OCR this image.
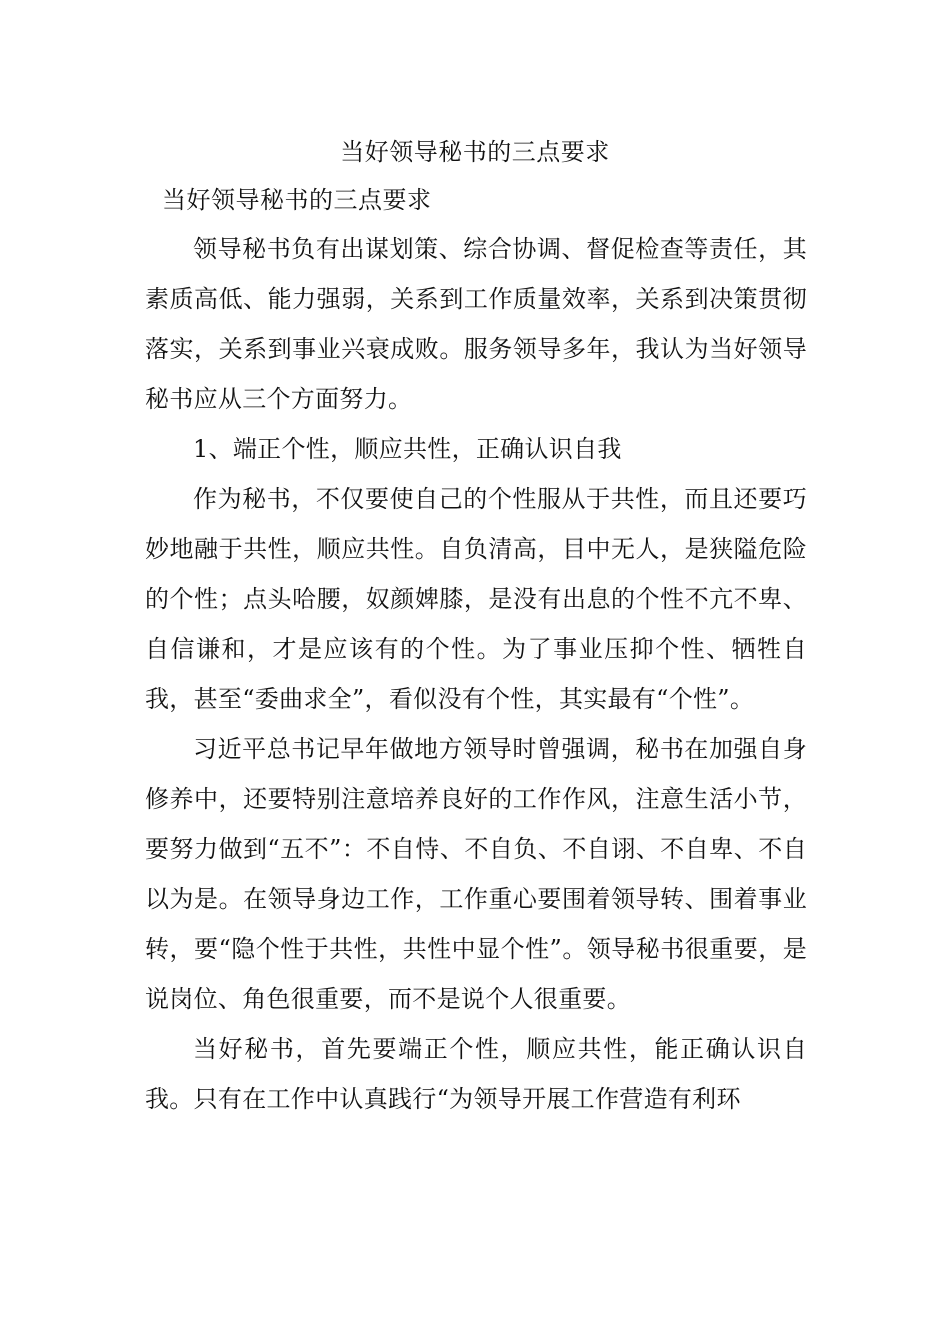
当好领导秘书的三点要求
当好领导秘书的三点要求

领导秘书负有出谋划策、综合协调、督促检查等责任，其素质高低、能力强弱，关系到工作质量效率，关系到决策贯彻落实，关系到事业兴衰成败。服务领导多年，我认为当好领导秘书应从三个方面努力。

1、端正个性，顺应共性，正确认识自我

作为秘书，不仅要使自己的个性服从于共性，而且还要巧妙地融于共性，顺应共性。自负清高，目中无人，是狭隘危险的个性；点头哈腰，奴颜婢膝，是没有出息的个性不亢不卑、自信谦和，才是应该有的个性。为了事业压抑个性、牺牲自我，甚至“委曲求全”，看似没有个性，其实最有“个性”。

习近平总书记早年做地方领导时曾强调，秘书在加强自身修养中，还要特别注意培养良好的工作作风，注意生活小节，要努力做到“五不”：不自恃、不自负、不自诩、不自卑、不自以为是。在领导身边工作，工作重心要围着领导转、围着事业转，要“隐个性于共性，共性中显个性”。领导秘书很重要，是说岗位、角色很重要，而不是说个人很重要。

当好秘书，首先要端正个性，顺应共性，能正确认识自我。只有在工作中认真践行“为领导开展工作营造有利环
